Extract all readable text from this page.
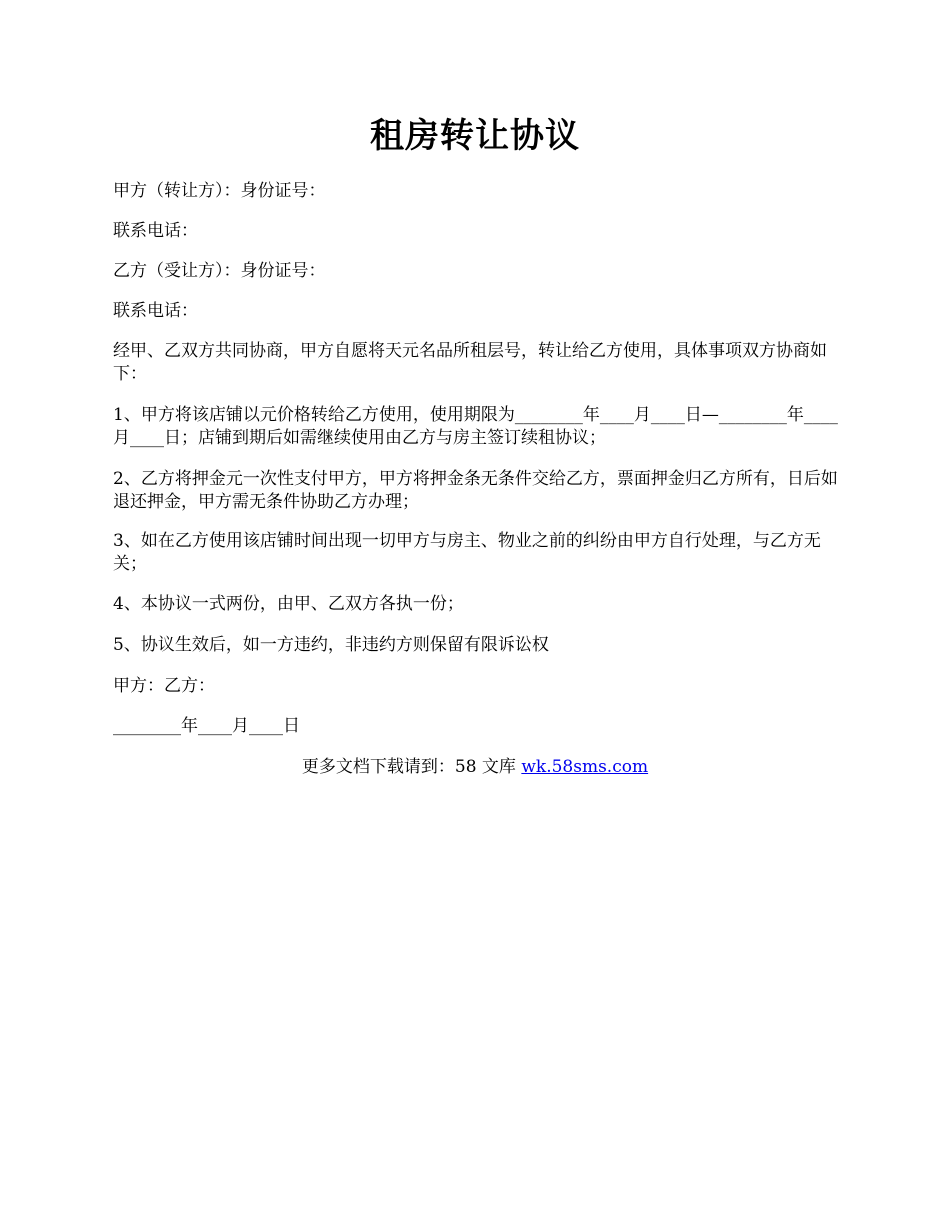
租房转让协议

甲方（转让方）：身份证号：

联系电话：

乙方（受让方）：身份证号：

联系电话：

经甲、乙双方共同协商，甲方自愿将天元名品所租层号，转让给乙方使用，具体事项双方协商如下：

1、甲方将该店铺以元价格转给乙方使用，使用期限为________年____月____日—________年____月____日；店铺到期后如需继续使用由乙方与房主签订续租协议；

2、乙方将押金元一次性支付甲方，甲方将押金条无条件交给乙方，票面押金归乙方所有，日后如退还押金，甲方需无条件协助乙方办理；

3、如在乙方使用该店铺时间出现一切甲方与房主、物业之前的纠纷由甲方自行处理，与乙方无关；

4、本协议一式两份，由甲、乙双方各执一份；

5、协议生效后，如一方违约，非违约方则保留有限诉讼权

甲方：乙方：

________年____月____日

更多文档下载请到：58 文库 wk.58sms.com
